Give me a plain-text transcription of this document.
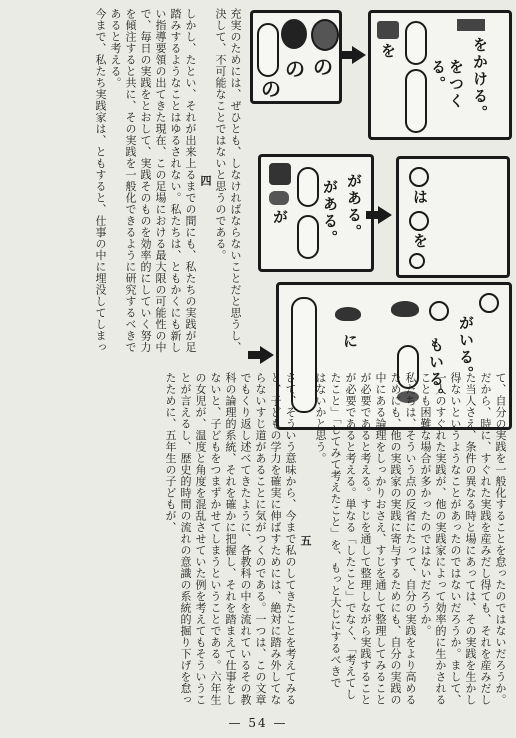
充実のためには、ぜひとも、しなければならないことだと思うし、決して、不可能なことではないと思うのである。

四

しかし、たとい、それが出来上るまでの間にも、私たちの実践が足踏みするようなことはゆるされない。私たちは、ともかくにも新しい指導要領の出てきた現在、この足場における最大限の可能性の中で、毎日の実践をとおして、実践そのものを効率的にしていく努力を傾注すると共に、その実践を一般化できるように研究するべきであると考える。

今まで、私たち実践家は、ともすると、仕事の中に埋没してしまっ	の の
の
を
をつくる。	をかける。
が がある。 がある。	は
を
に	もいる。 がいる。

て、自分の実践を一般化することを怠ったのではないだろうか。だから、時に、すぐれた実践を産みだし得ても、それを産みだした当人さえ、条件の異なる時と場にあっては、その実践を生かし得ないというようなことがあったのではないだろうか。まして、一人のすぐれた実践が、他の実践家によって効率的に生かされることも困難な場合が多かったのではないだろうか。

私たちは、そういう点の反省にたって、自分の実践をより高めるためにも、他の実践家の実践に寄与するためにも、自分の実践の中にある論理をしっかりおさえ、すじを通して整理してみることが必要であると考える。すじを通して整理しながら実践することが必要であると考える。単なる「したこと」でなく、「考えてしたこと」「してみて考えたこと」を、もっと大じにするべきで

はないかと思う。

五

さて、そういう意味から、今まで私のしてきたことを考えてみると、子どもの学力を確実に伸ばすためには、絶対に踏み外してならないすじ道があることに気がつくのである。一つは、この文章でもくり返し述べてきたように、各教科の中を流れているその教科の論理的系統、それを確かに把握し、それを踏まえて仕事をしないと、子どもをつまずかせてしまうということである。六年生の女児が、温度と角度を混乱させていた例を考えてもそういうことが言えるし、歴史的時間の流れの意識の系統的掘り下げを怠ったために、五年生の子どもが、

— 54 —
